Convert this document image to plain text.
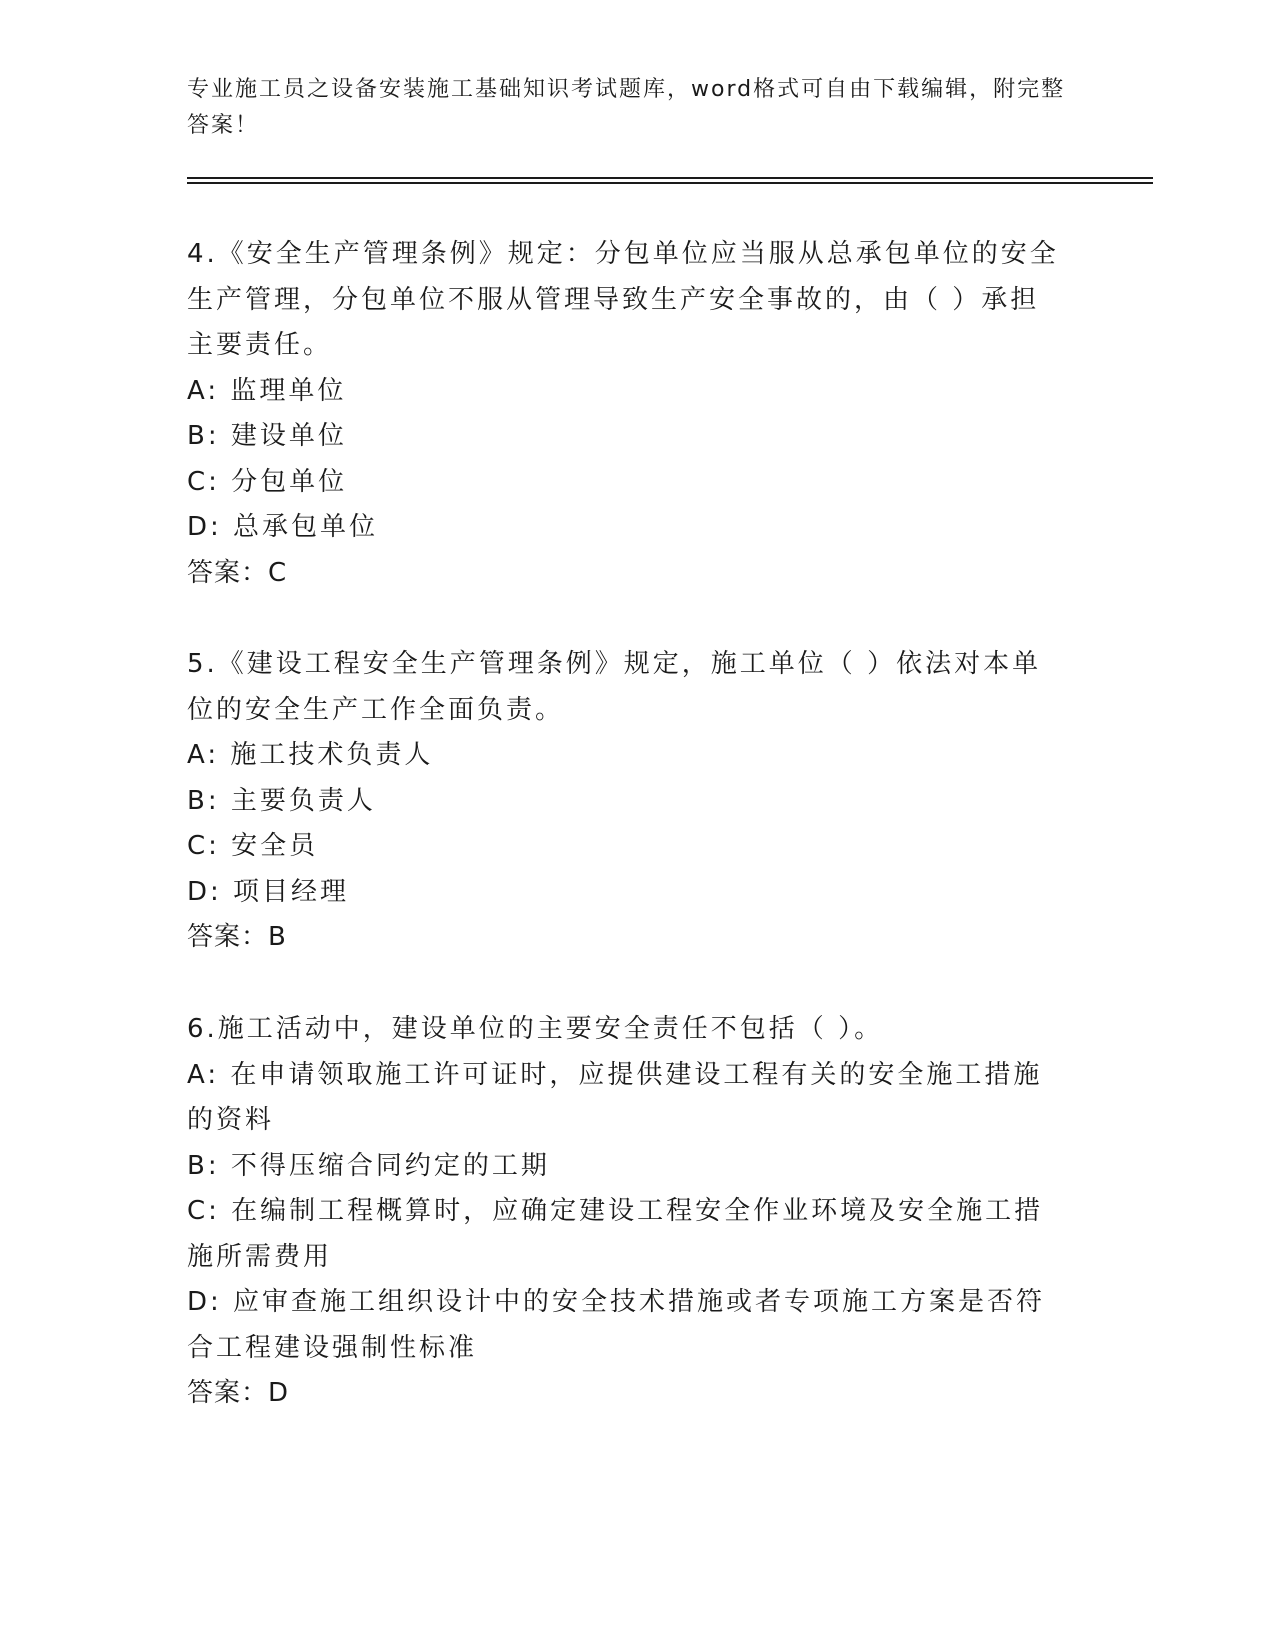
专业施工员之设备安装施工基础知识考试题库，word格式可自由下载编辑，附完整答案！
4.《安全生产管理条例》规定：分包单位应当服从总承包单位的安全生产管理，分包单位不服从管理导致生产安全事故的，由（ ）承担主要责任。
A: 监理单位
B: 建设单位
C: 分包单位
D: 总承包单位
答案：C
5.《建设工程安全生产管理条例》规定，施工单位（ ）依法对本单位的安全生产工作全面负责。
A: 施工技术负责人
B: 主要负责人
C: 安全员
D: 项目经理
答案：B
6.施工活动中，建设单位的主要安全责任不包括（ ）。
A: 在申请领取施工许可证时，应提供建设工程有关的安全施工措施的资料
B: 不得压缩合同约定的工期
C: 在编制工程概算时，应确定建设工程安全作业环境及安全施工措施所需费用
D: 应审查施工组织设计中的安全技术措施或者专项施工方案是否符合工程建设强制性标准
答案：D
